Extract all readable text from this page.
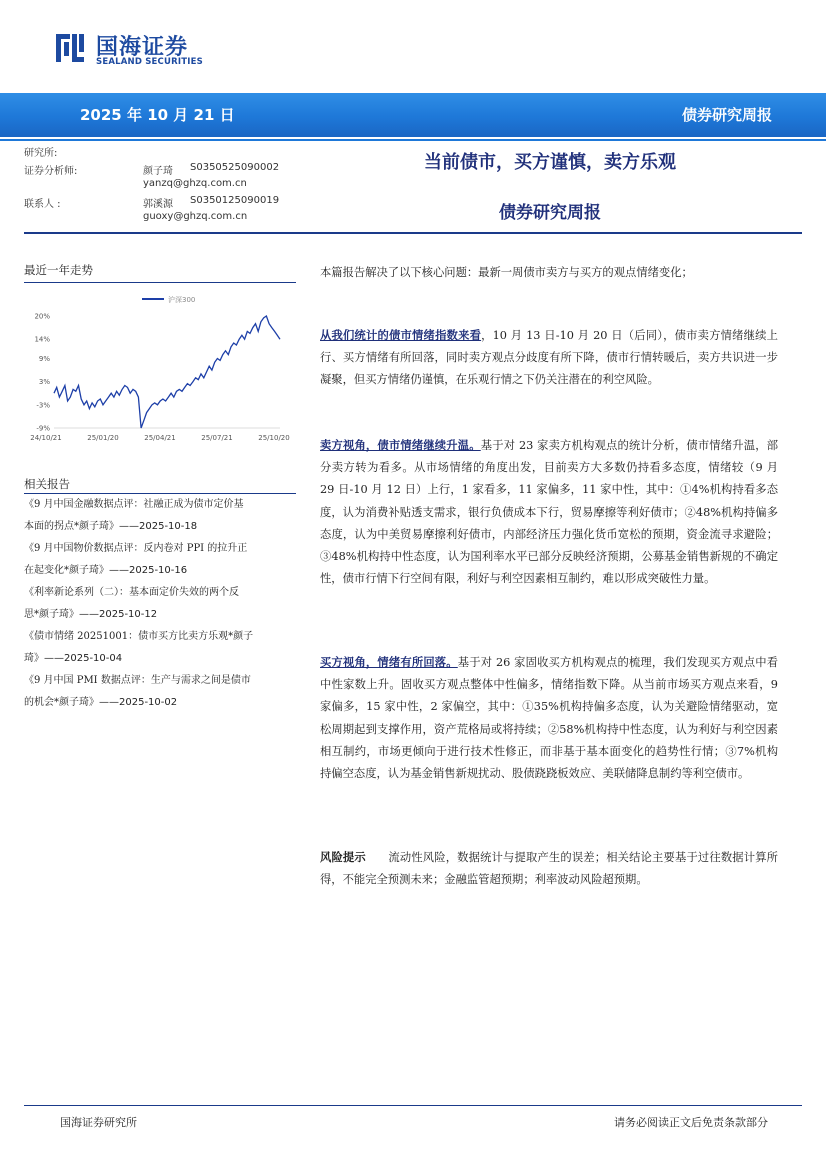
国海证券
SEALAND SECURITIES
2025 年 10 月 21 日	债券研究周报
研究所:
证券分析师:	颜子琦 S0350525090002
yanzq@ghzq.com.cn
联系人 :	郭溪源 S0350125090019
guoxy@ghzq.com.cn
当前债市，买方谨慎，卖方乐观
债券研究周报
最近一年走势
-9%
-3%
3%
9%
14%
20%
24/10/21	25/01/20	25/04/21	25/07/21	25/10/20
沪深300
相关报告
《9 月中国金融数据点评：社融正成为债市定价基
本面的拐点*颜子琦》——2025-10-18
《9 月中国物价数据点评：反内卷对 PPI 的拉升正
在起变化*颜子琦》——2025-10-16
《利率新论系列（二）：基本面定价失效的两个反
思*颜子琦》——2025-10-12
《债市情绪 20251001：债市买方比卖方乐观*颜子
琦》——2025-10-04
《9 月中国 PMI 数据点评：生产与需求之间是债市
的机会*颜子琦》——2025-10-02
本篇报告解决了以下核心问题：最新一周债市卖方与买方的观点情绪变化；
从我们统计的债市情绪指数来看，10 月 13 日-10 月 20 日（后同），债市卖方情绪继续上行、买方情绪有所回落，同时卖方观点分歧度有所下降，债市行情转暖后，卖方共识进一步凝聚，但买方情绪仍谨慎，在乐观行情之下仍关注潜在的利空风险。
卖方视角，债市情绪继续升温。基于对 23 家卖方机构观点的统计分析，债市情绪升温，部分卖方转为看多。从市场情绪的角度出发，目前卖方大多数仍持看多态度，情绪较（9 月 29 日-10 月 12 日）上行，1 家看多，11 家偏多，11 家中性，其中：①4%机构持看多态度，认为消费补贴透支需求，银行负债成本下行，贸易摩擦等利好债市；②48%机构持偏多态度，认为中美贸易摩擦利好债市，内部经济压力强化货币宽松的预期，资金流寻求避险；③48%机构持中性态度，认为国利率水平已部分反映经济预期，公募基金销售新规的不确定性，债市行情下行空间有限，利好与利空因素相互制约，难以形成突破性力量。
买方视角，情绪有所回落。基于对 26 家固收买方机构观点的梳理，我们发现买方观点中看中性家数上升。固收买方观点整体中性偏多，情绪指数下降。从当前市场买方观点来看，9 家偏多，15 家中性，2 家偏空，其中：①35%机构持偏多态度，认为关避险情绪驱动，宽松周期起到支撑作用，资产荒格局或将持续；②58%机构持中性态度，认为利好与利空因素相互制约，市场更倾向于进行技术性修正，而非基于基本面变化的趋势性行情；③7%机构持偏空态度，认为基金销售新规扰动、股债跷跷板效应、美联储降息制约等利空债市。
风险提示 流动性风险，数据统计与提取产生的误差；相关结论主要基于过往数据计算所得，不能完全预测未来；金融监管超预期；利率波动风险超预期。
国海证券研究所	请务必阅读正文后免责条款部分
